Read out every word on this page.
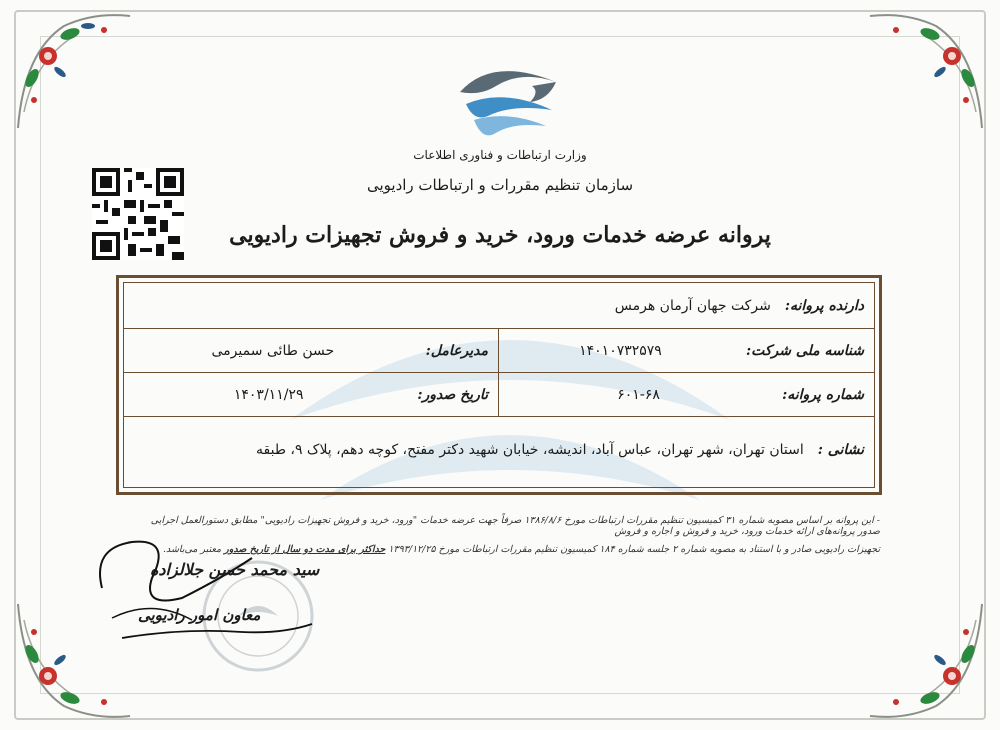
وزارت ارتباطات و فناوری اطلاعات
سازمان تنظیم مقررات و ارتباطات رادیویی
پروانه عرضه خدمات ورود، خرید و فروش تجهیزات رادیویی
دارنده پروانه:
شرکت جهان آرمان هرمس
شناسه ملی شرکت:
۱۴۰۱۰۷۳۲۵۷۹
مدیرعامل:
حسن طائی سمیرمی
شماره پروانه:
۶۰۱-۶۸
تاریخ صدور:
۱۴۰۳/۱۱/۲۹
نشانی :
استان تهران، شهر تهران، عباس آباد، اندیشه، خیابان شهید دکتر مفتح، کوچه دهم، پلاک ۹، طبقه
- این پروانه بر اساس مصوبه شماره ۳۱ کمیسیون تنظیم مقررات ارتباطات مورخ ۱۳۸۶/۸/۶ صرفاً جهت عرضه خدمات "ورود، خرید و فروش تجهیزات رادیویی" مطابق دستورالعمل اجرایی صدور پروانه‌های ارائه خدمات ورود، خرید و فروش و اجاره و فروش
تجهیزات رادیویی صادر و با استناد به مصوبه شماره ۲ جلسه شماره ۱۸۴ کمیسیون تنظیم مقررات ارتباطات مورخ ۱۳۹۳/۱۲/۲۵ حداکثر برای مدت دو سال از تاریخ صدور معتبر می‌باشد.
سید محمد حسن جلالزاده
معاون امور رادیویی
